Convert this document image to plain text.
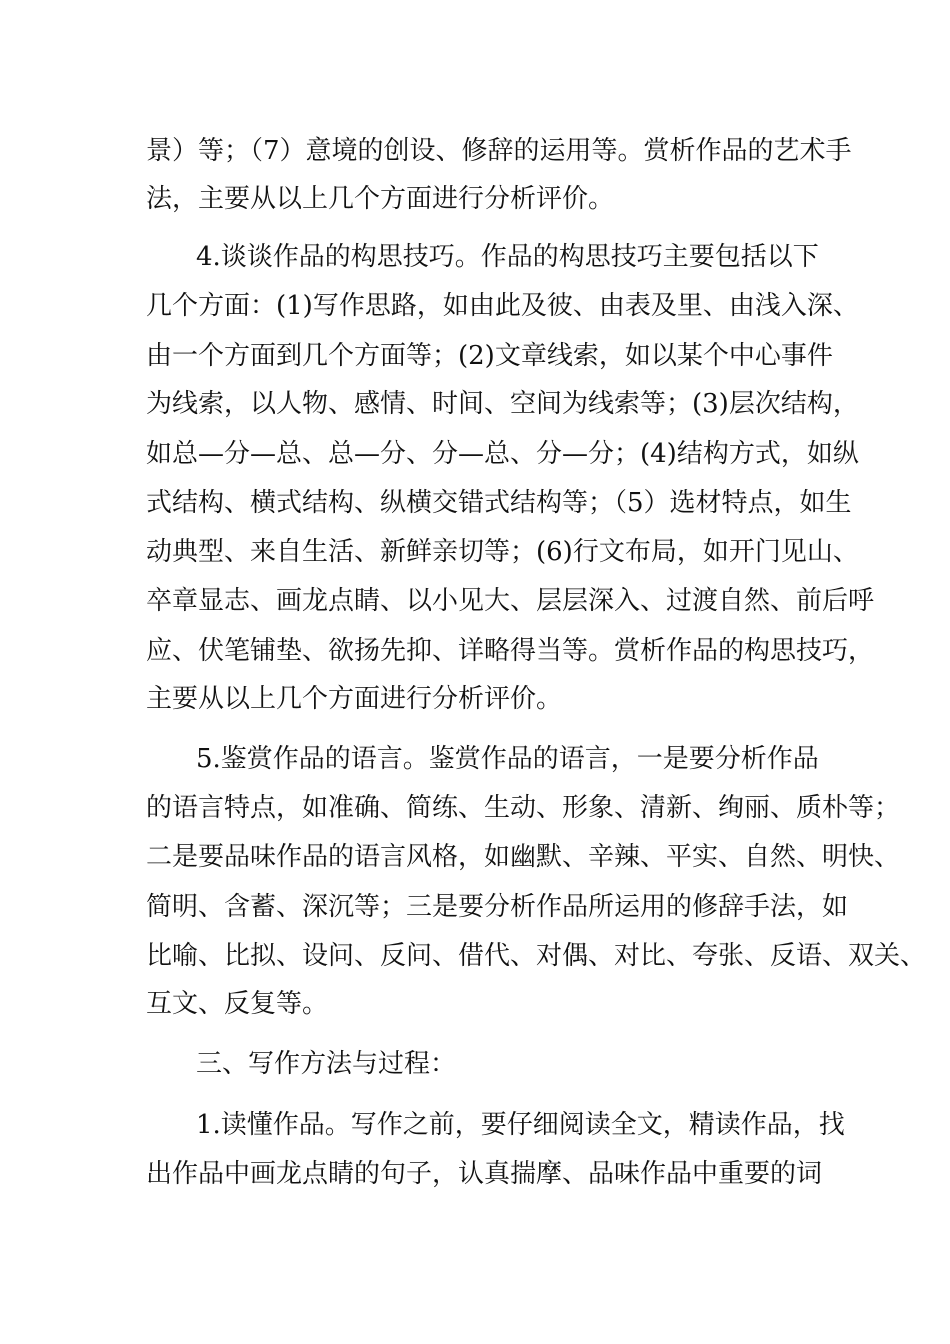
景）等；（7）意境的创设、修辞的运用等。赏析作品的艺术手
法，主要从以上几个方面进行分析评价。
4.谈谈作品的构思技巧。作品的构思技巧主要包括以下
几个方面：(1)写作思路，如由此及彼、由表及里、由浅入深、
由一个方面到几个方面等；(2)文章线索，如以某个中心事件
为线索，以人物、感情、时间、空间为线索等；(3)层次结构，
如总—分—总、总—分、分—总、分—分；(4)结构方式，如纵
式结构、横式结构、纵横交错式结构等；（5）选材特点，如生
动典型、来自生活、新鲜亲切等；(6)行文布局，如开门见山、
卒章显志、画龙点睛、以小见大、层层深入、过渡自然、前后呼
应、伏笔铺垫、欲扬先抑、详略得当等。赏析作品的构思技巧，
主要从以上几个方面进行分析评价。
5.鉴赏作品的语言。鉴赏作品的语言，一是要分析作品
的语言特点，如准确、简练、生动、形象、清新、绚丽、质朴等；
二是要品味作品的语言风格，如幽默、辛辣、平实、自然、明快、
简明、含蓄、深沉等；三是要分析作品所运用的修辞手法，如
比喻、比拟、设问、反问、借代、对偶、对比、夸张、反语、双关、
互文、反复等。
三、写作方法与过程：
1.读懂作品。写作之前，要仔细阅读全文，精读作品，找
出作品中画龙点睛的句子，认真揣摩、品味作品中重要的词
